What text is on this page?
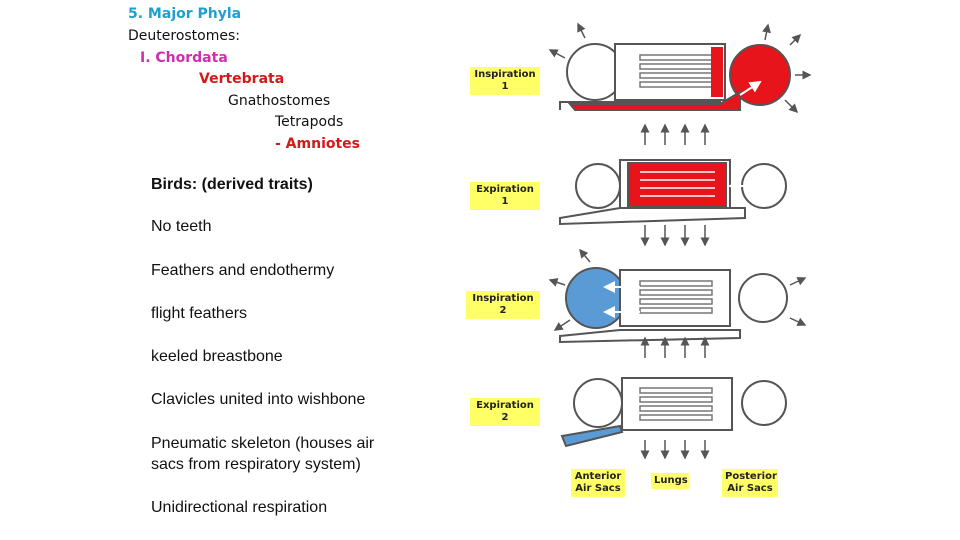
5. Major Phyla
Deuterostomes:
I. Chordata
Vertebrata
Gnathostomes
Tetrapods
- Amniotes
Birds: (derived traits)
No teeth
Feathers and endothermy
flight feathers
keeled breastbone
Clavicles united into wishbone
Pneumatic skeleton (houses air sacs from respiratory system)
Unidirectional respiration
Inspiration 1
Expiration 1
Inspiration 2
Expiration 2
Anterior Air Sacs
Lungs	Posterior Air Sacs
